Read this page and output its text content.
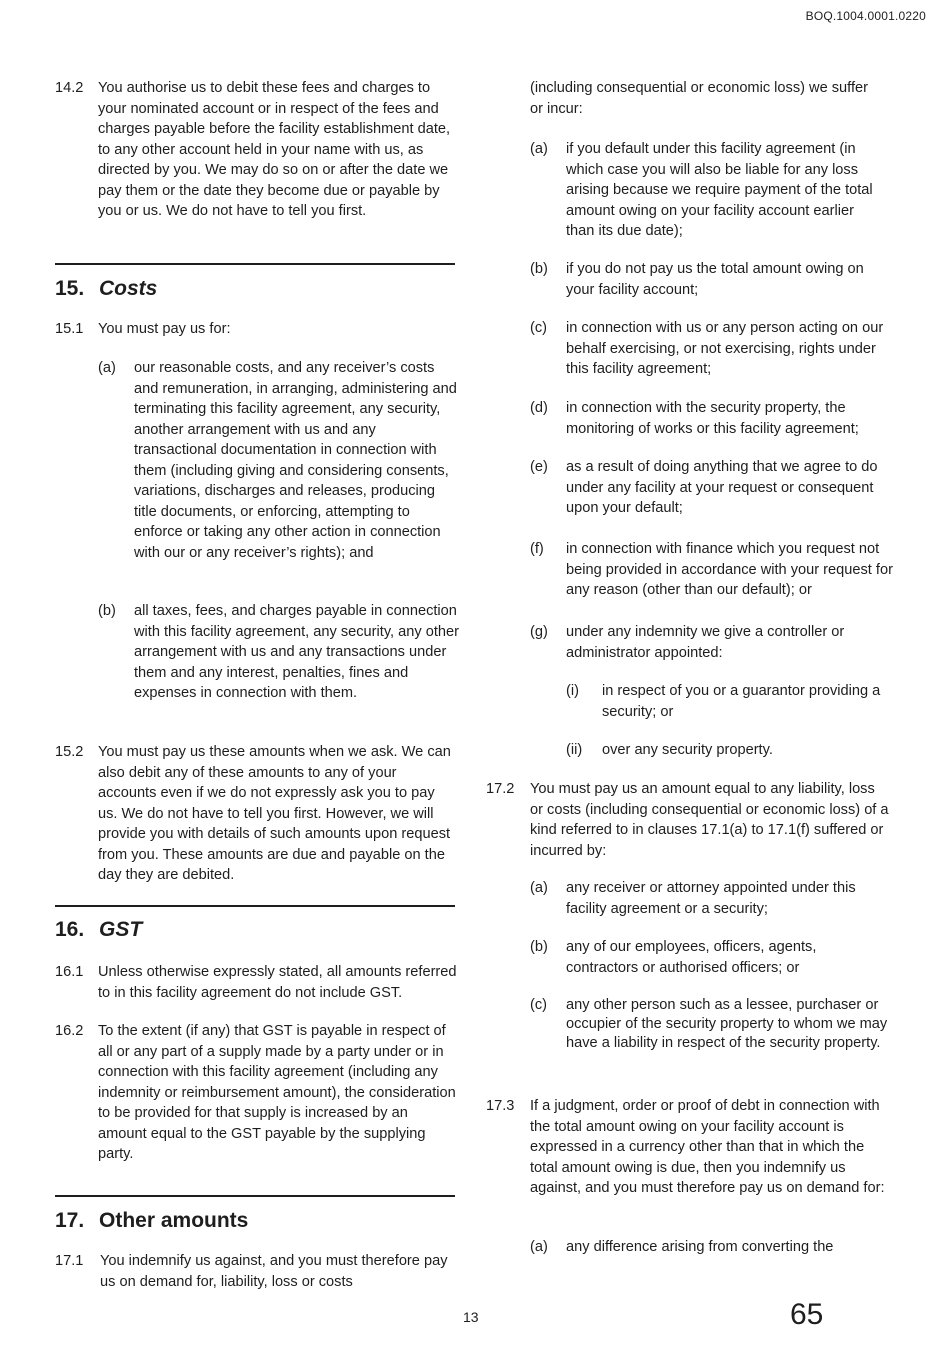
BOQ.1004.0001.0220
14.2 You authorise us to debit these fees and charges to your nominated account or in respect of the fees and charges payable before the facility establishment date, to any other account held in your name with us, as directed by you. We may do so on or after the date we pay them or the date they become due or payable by you or us. We do not have to tell you first.
15. Costs
15.1 You must pay us for:
(a) our reasonable costs, and any receiver’s costs and remuneration, in arranging, administering and terminating this facility agreement, any security, another arrangement with us and any transactional documentation in connection with them (including giving and considering consents, variations, discharges and releases, producing title documents, or enforcing, attempting to enforce or taking any other action in connection with our or any receiver’s rights); and
(b) all taxes, fees, and charges payable in connection with this facility agreement, any security, any other arrangement with us and any transactions under them and any interest, penalties, fines and expenses in connection with them.
15.2 You must pay us these amounts when we ask. We can also debit any of these amounts to any of your accounts even if we do not expressly ask you to pay us. We do not have to tell you first. However, we will provide you with details of such amounts upon request from you. These amounts are due and payable on the day they are debited.
16. GST
16.1 Unless otherwise expressly stated, all amounts referred to in this facility agreement do not include GST.
16.2 To the extent (if any) that GST is payable in respect of all or any part of a supply made by a party under or in connection with this facility agreement (including any indemnity or reimbursement amount), the consideration to be provided for that supply is increased by an amount equal to the GST payable by the supplying party.
17. Other amounts
17.1 You indemnify us against, and you must therefore pay us on demand for, liability, loss or costs
(including consequential or economic loss) we suffer or incur:
(a) if you default under this facility agreement (in which case you will also be liable for any loss arising because we require payment of the total amount owing on your facility account earlier than its due date);
(b) if you do not pay us the total amount owing on your facility account;
(c) in connection with us or any person acting on our behalf exercising, or not exercising, rights under this facility agreement;
(d) in connection with the security property, the monitoring of works or this facility agreement;
(e) as a result of doing anything that we agree to do under any facility at your request or consequent upon your default;
(f) in connection with finance which you request not being provided in accordance with your request for any reason (other than our default); or
(g) under any indemnity we give a controller or administrator appointed:
(i) in respect of you or a guarantor providing a security; or
(ii) over any security property.
17.2 You must pay us an amount equal to any liability, loss or costs (including consequential or economic loss) of a kind referred to in clauses 17.1(a) to 17.1(f) suffered or incurred by:
(a) any receiver or attorney appointed under this facility agreement or a security;
(b) any of our employees, officers, agents, contractors or authorised officers; or
(c) any other person such as a lessee, purchaser or occupier of the security property to whom we may have a liability in respect of the security property.
17.3 If a judgment, order or proof of debt in connection with the total amount owing on your facility account is expressed in a currency other than that in which the total amount owing is due, then you indemnify us against, and you must therefore pay us on demand for:
(a) any difference arising from converting the
13	65
